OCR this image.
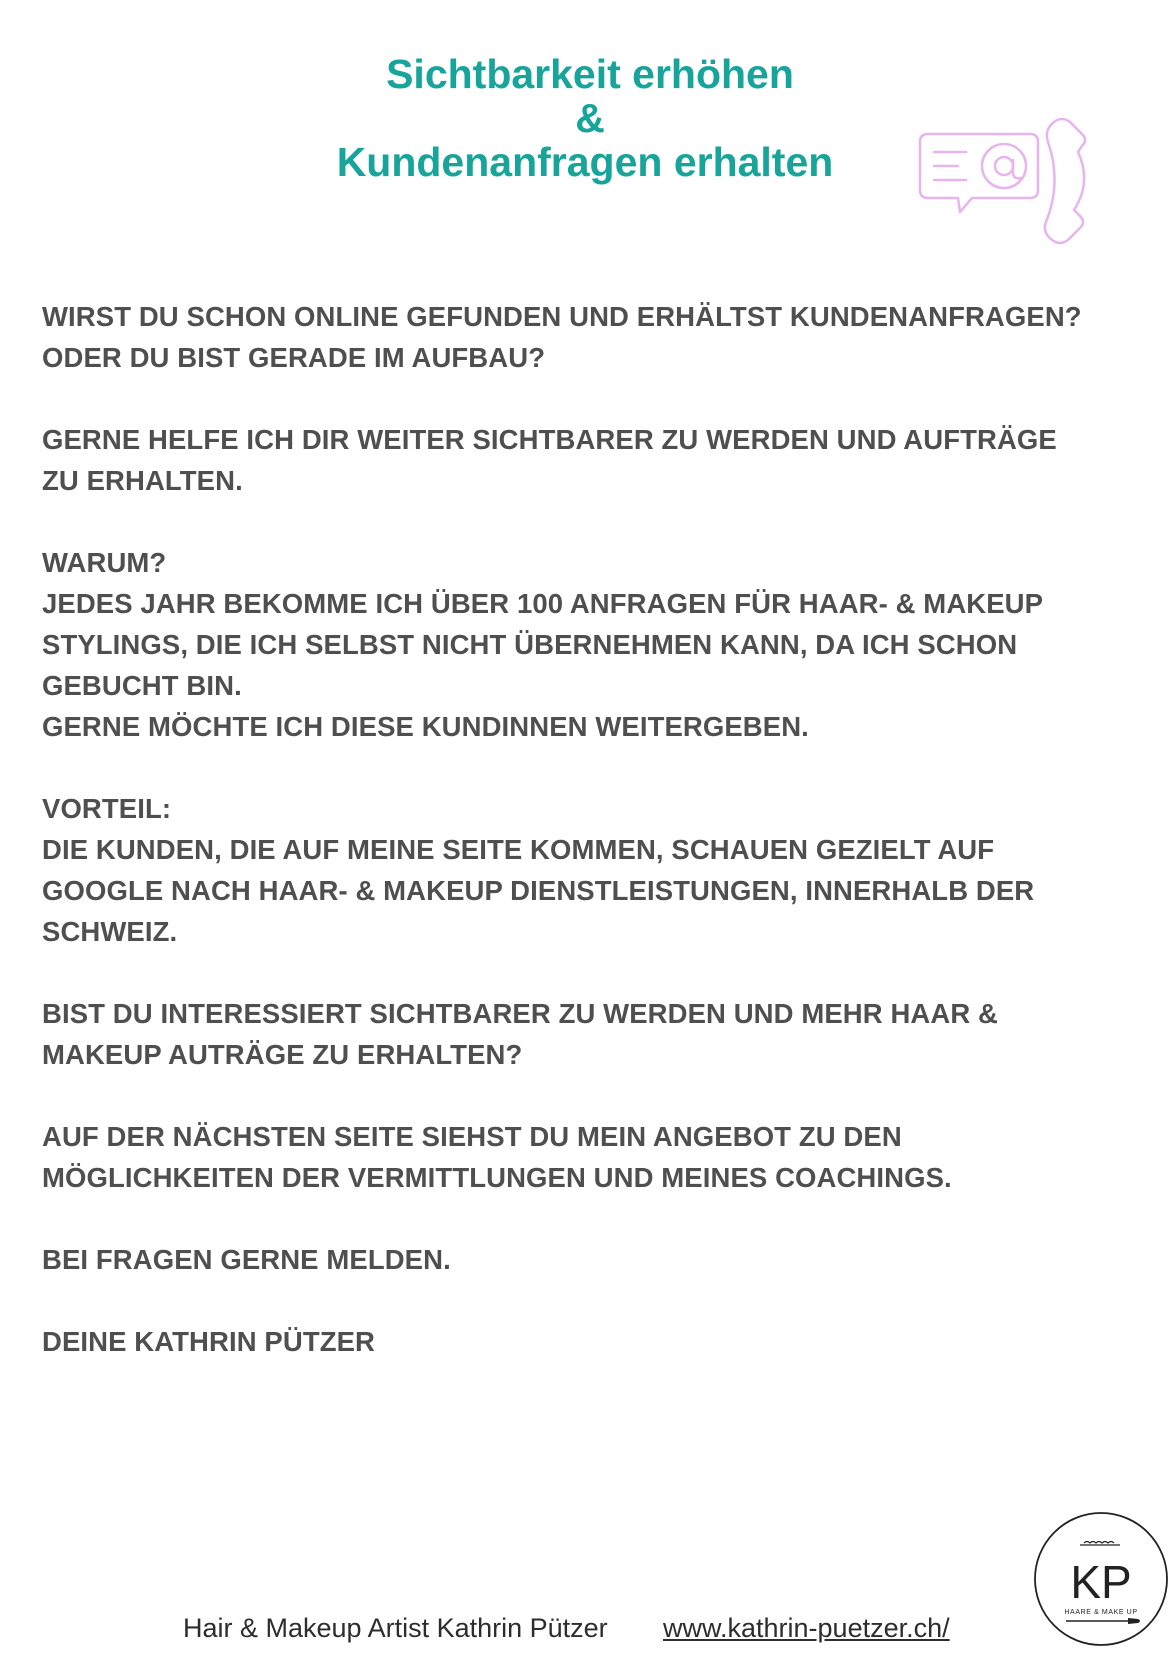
Sichtbarkeit erhöhen
&
Kundenanfragen erhalten
WIRST DU SCHON ONLINE GEFUNDEN UND ERHÄLTST KUNDENANFRAGEN?
ODER DU BIST GERADE IM AUFBAU?
GERNE HELFE ICH DIR WEITER SICHTBARER ZU WERDEN UND AUFTRÄGE
ZU ERHALTEN.
WARUM?
JEDES JAHR BEKOMME ICH ÜBER 100 ANFRAGEN FÜR HAAR- & MAKEUP
STYLINGS, DIE ICH SELBST NICHT ÜBERNEHMEN KANN, DA ICH SCHON
GEBUCHT BIN.
GERNE MÖCHTE ICH DIESE KUNDINNEN WEITERGEBEN.
VORTEIL:
DIE KUNDEN, DIE AUF MEINE SEITE KOMMEN, SCHAUEN GEZIELT AUF
GOOGLE NACH HAAR- & MAKEUP DIENSTLEISTUNGEN, INNERHALB DER
SCHWEIZ.
BIST DU INTERESSIERT SICHTBARER ZU WERDEN UND MEHR HAAR &
MAKEUP AUTRÄGE ZU ERHALTEN?
AUF DER NÄCHSTEN SEITE SIEHST DU MEIN ANGEBOT ZU DEN
MÖGLICHKEITEN DER VERMITTLUNGEN UND MEINES COACHINGS.
BEI FRAGEN GERNE MELDEN.
DEINE KATHRIN PÜTZER
KP
HAARE & MAKE UP
Hair & Makeup Artist Kathrin Pützer www.kathrin-puetzer.ch/
